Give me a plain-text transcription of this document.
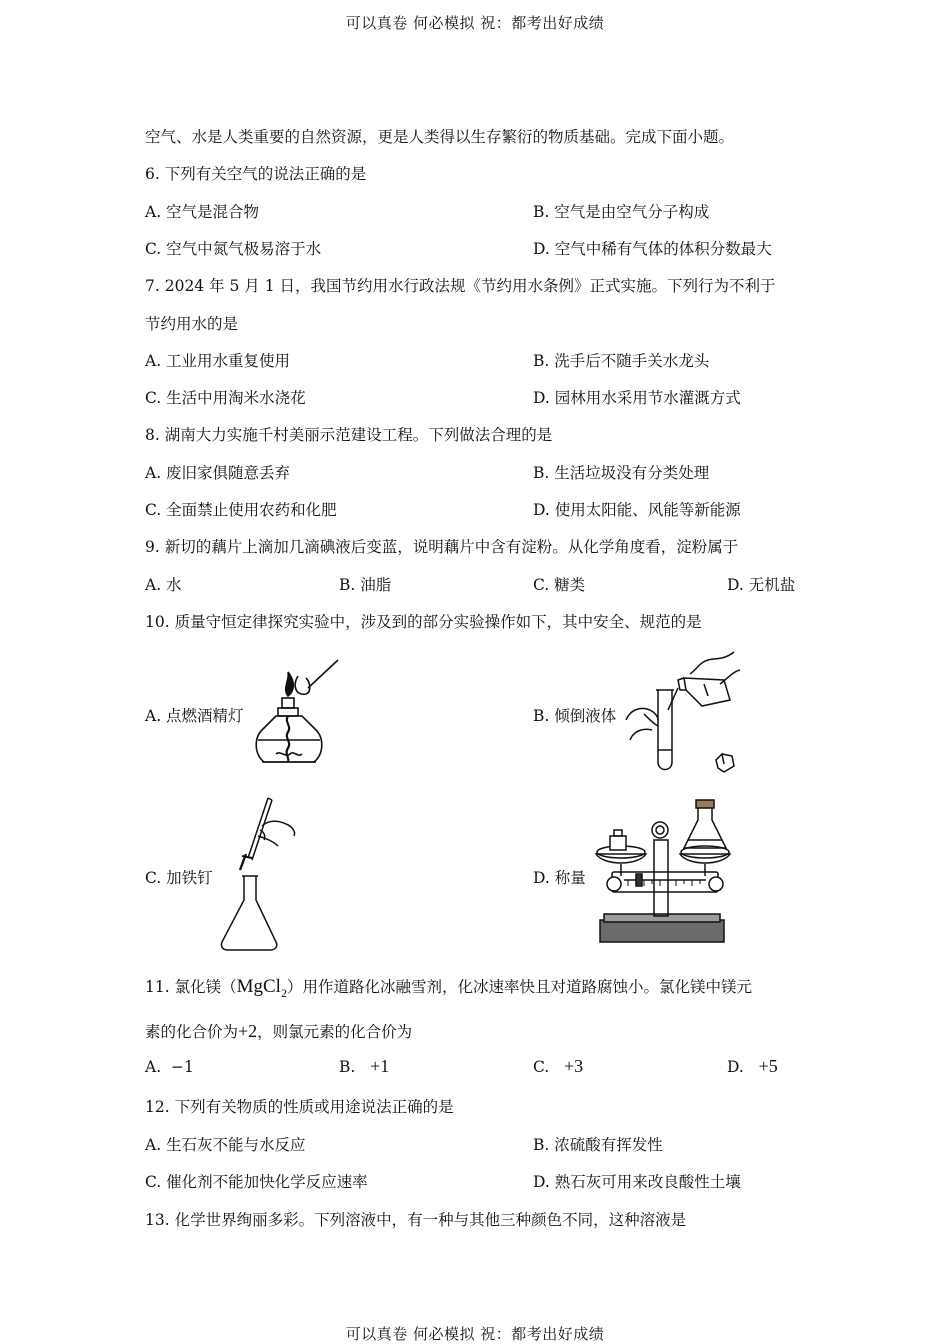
可以真卷 何必模拟 祝：都考出好成绩
空气、水是人类重要的自然资源，更是人类得以生存繁衍的物质基础。完成下面小题。
6. 下列有关空气的说法正确的是
A. 空气是混合物	B. 空气是由空气分子构成
C. 空气中氮气极易溶于水	D. 空气中稀有气体的体积分数最大
7. 2024 年 5 月 1 日，我国节约用水行政法规《节约用水条例》正式实施。下列行为不利于
节约用水的是
A. 工业用水重复使用	B. 洗手后不随手关水龙头
C. 生活中用淘米水浇花	D. 园林用水采用节水灌溉方式
8. 湖南大力实施千村美丽示范建设工程。下列做法合理的是
A. 废旧家俱随意丢弃	B. 生活垃圾没有分类处理
C. 全面禁止使用农药和化肥	D. 使用太阳能、风能等新能源
9. 新切的藕片上滴加几滴碘液后变蓝，说明藕片中含有淀粉。从化学角度看，淀粉属于
A. 水	B. 油脂	C. 糖类	D. 无机盐
10. 质量守恒定律探究实验中，涉及到的部分实验操作如下，其中安全、规范的是
A. 点燃酒精灯	B. 倾倒液体
C. 加铁钉	D. 称量
11. 氯化镁（MgCl$_2$）用作道路化冰融雪剂，化冰速率快且对道路腐蚀小。氯化镁中镁元
素的化合价为+2，则氯元素的化合价为
A. −1	B. +1	C. +3	D. +5
12. 下列有关物质的性质或用途说法正确的是
A. 生石灰不能与水反应	B. 浓硫酸有挥发性
C. 催化剂不能加快化学反应速率	D. 熟石灰可用来改良酸性土壤
13. 化学世界绚丽多彩。下列溶液中，有一种与其他三种颜色不同，这种溶液是
可以真卷 何必模拟 祝：都考出好成绩
